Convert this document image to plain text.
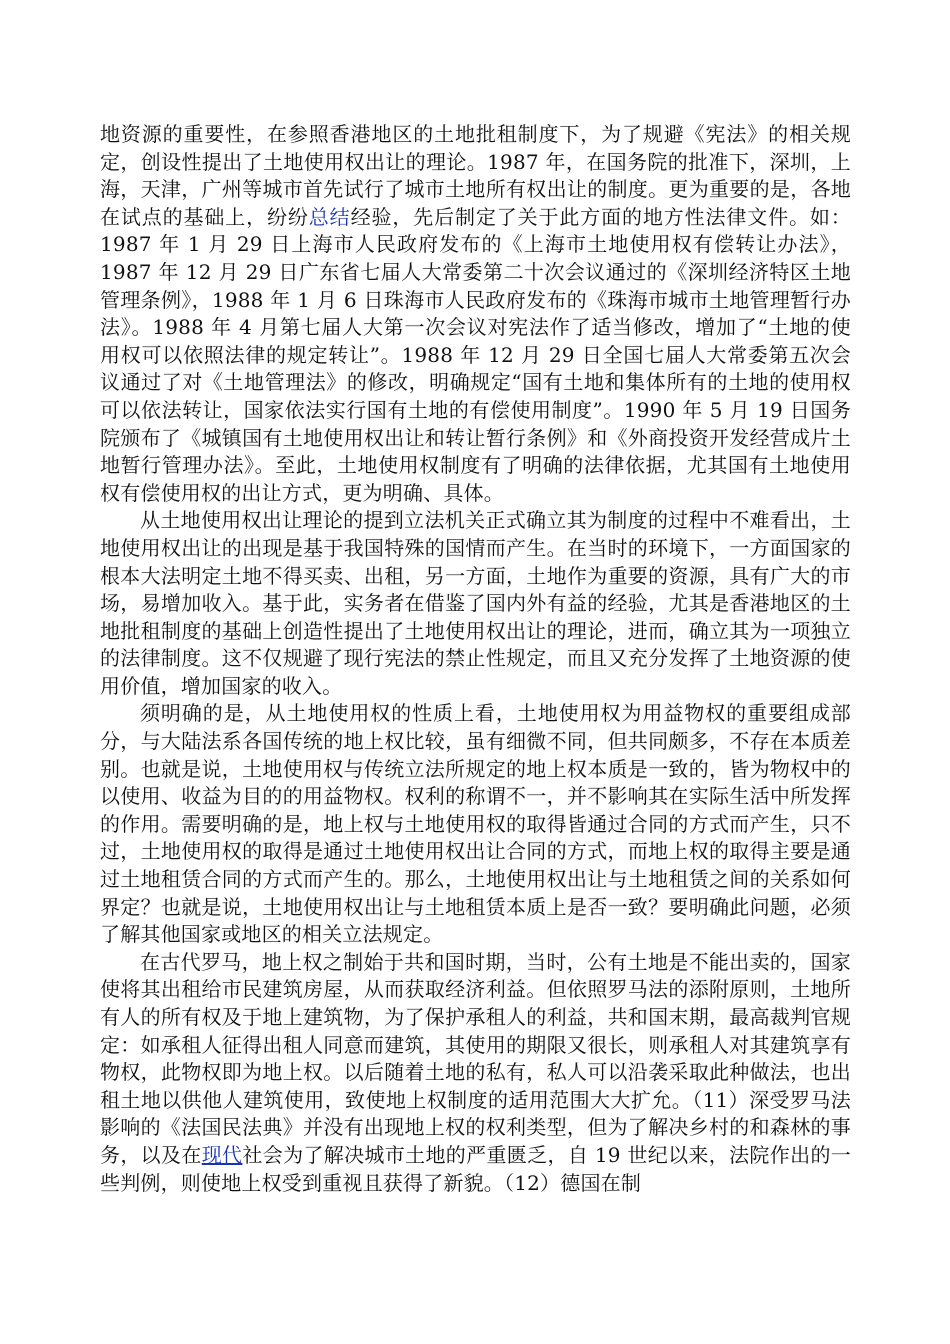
地资源的重要性，在参照香港地区的土地批租制度下，为了规避《宪法》的相关规定，创设性提出了土地使用权出让的理论。1987 年，在国务院的批准下，深圳，上海，天津，广州等城市首先试行了城市土地所有权出让的制度。更为重要的是，各地在试点的基础上，纷纷总结经验，先后制定了关于此方面的地方性法律文件。如：1987 年 1 月 29 日上海市人民政府发布的《上海市土地使用权有偿转让办法》，1987 年 12 月 29 日广东省七届人大常委第二十次会议通过的《深圳经济特区土地管理条例》，1988 年 1 月 6 日珠海市人民政府发布的《珠海市城市土地管理暂行办法》。1988 年 4 月第七届人大第一次会议对宪法作了适当修改，增加了“土地的使用权可以依照法律的规定转让”。1988 年 12 月 29 日全国七届人大常委第五次会议通过了对《土地管理法》的修改，明确规定“国有土地和集体所有的土地的使用权可以依法转让，国家依法实行国有土地的有偿使用制度”。1990 年 5 月 19 日国务院颁布了《城镇国有土地使用权出让和转让暂行条例》和《外商投资开发经营成片土地暂行管理办法》。至此，土地使用权制度有了明确的法律依据，尤其国有土地使用权有偿使用权的出让方式，更为明确、具体。

从土地使用权出让理论的提到立法机关正式确立其为制度的过程中不难看出，土地使用权出让的出现是基于我国特殊的国情而产生。在当时的环境下，一方面国家的根本大法明定土地不得买卖、出租，另一方面，土地作为重要的资源，具有广大的市场，易增加收入。基于此，实务者在借鉴了国内外有益的经验，尤其是香港地区的土地批租制度的基础上创造性提出了土地使用权出让的理论，进而，确立其为一项独立的法律制度。这不仅规避了现行宪法的禁止性规定，而且又充分发挥了土地资源的使用价值，增加国家的收入。

须明确的是，从土地使用权的性质上看，土地使用权为用益物权的重要组成部分，与大陆法系各国传统的地上权比较，虽有细微不同，但共同颇多，不存在本质差别。也就是说，土地使用权与传统立法所规定的地上权本质是一致的，皆为物权中的以使用、收益为目的的用益物权。权利的称谓不一，并不影响其在实际生活中所发挥的作用。需要明确的是，地上权与土地使用权的取得皆通过合同的方式而产生，只不过，土地使用权的取得是通过土地使用权出让合同的方式，而地上权的取得主要是通过土地租赁合同的方式而产生的。那么，土地使用权出让与土地租赁之间的关系如何界定？也就是说，土地使用权出让与土地租赁本质上是否一致？要明确此问题，必须了解其他国家或地区的相关立法规定。

在古代罗马，地上权之制始于共和国时期，当时，公有土地是不能出卖的，国家使将其出租给市民建筑房屋，从而获取经济利益。但依照罗马法的添附原则，土地所有人的所有权及于地上建筑物，为了保护承租人的利益，共和国末期，最高裁判官规定：如承租人征得出租人同意而建筑，其使用的期限又很长，则承租人对其建筑享有物权，此物权即为地上权。以后随着土地的私有，私人可以沿袭采取此种做法，也出租土地以供他人建筑使用，致使地上权制度的适用范围大大扩允。（11）深受罗马法影响的《法国民法典》并没有出现地上权的权利类型，但为了解决乡村的和森林的事务，以及在现代社会为了解决城市土地的严重匮乏，自 19 世纪以来，法院作出的一些判例，则使地上权受到重视且获得了新貌。（12）德国在制
